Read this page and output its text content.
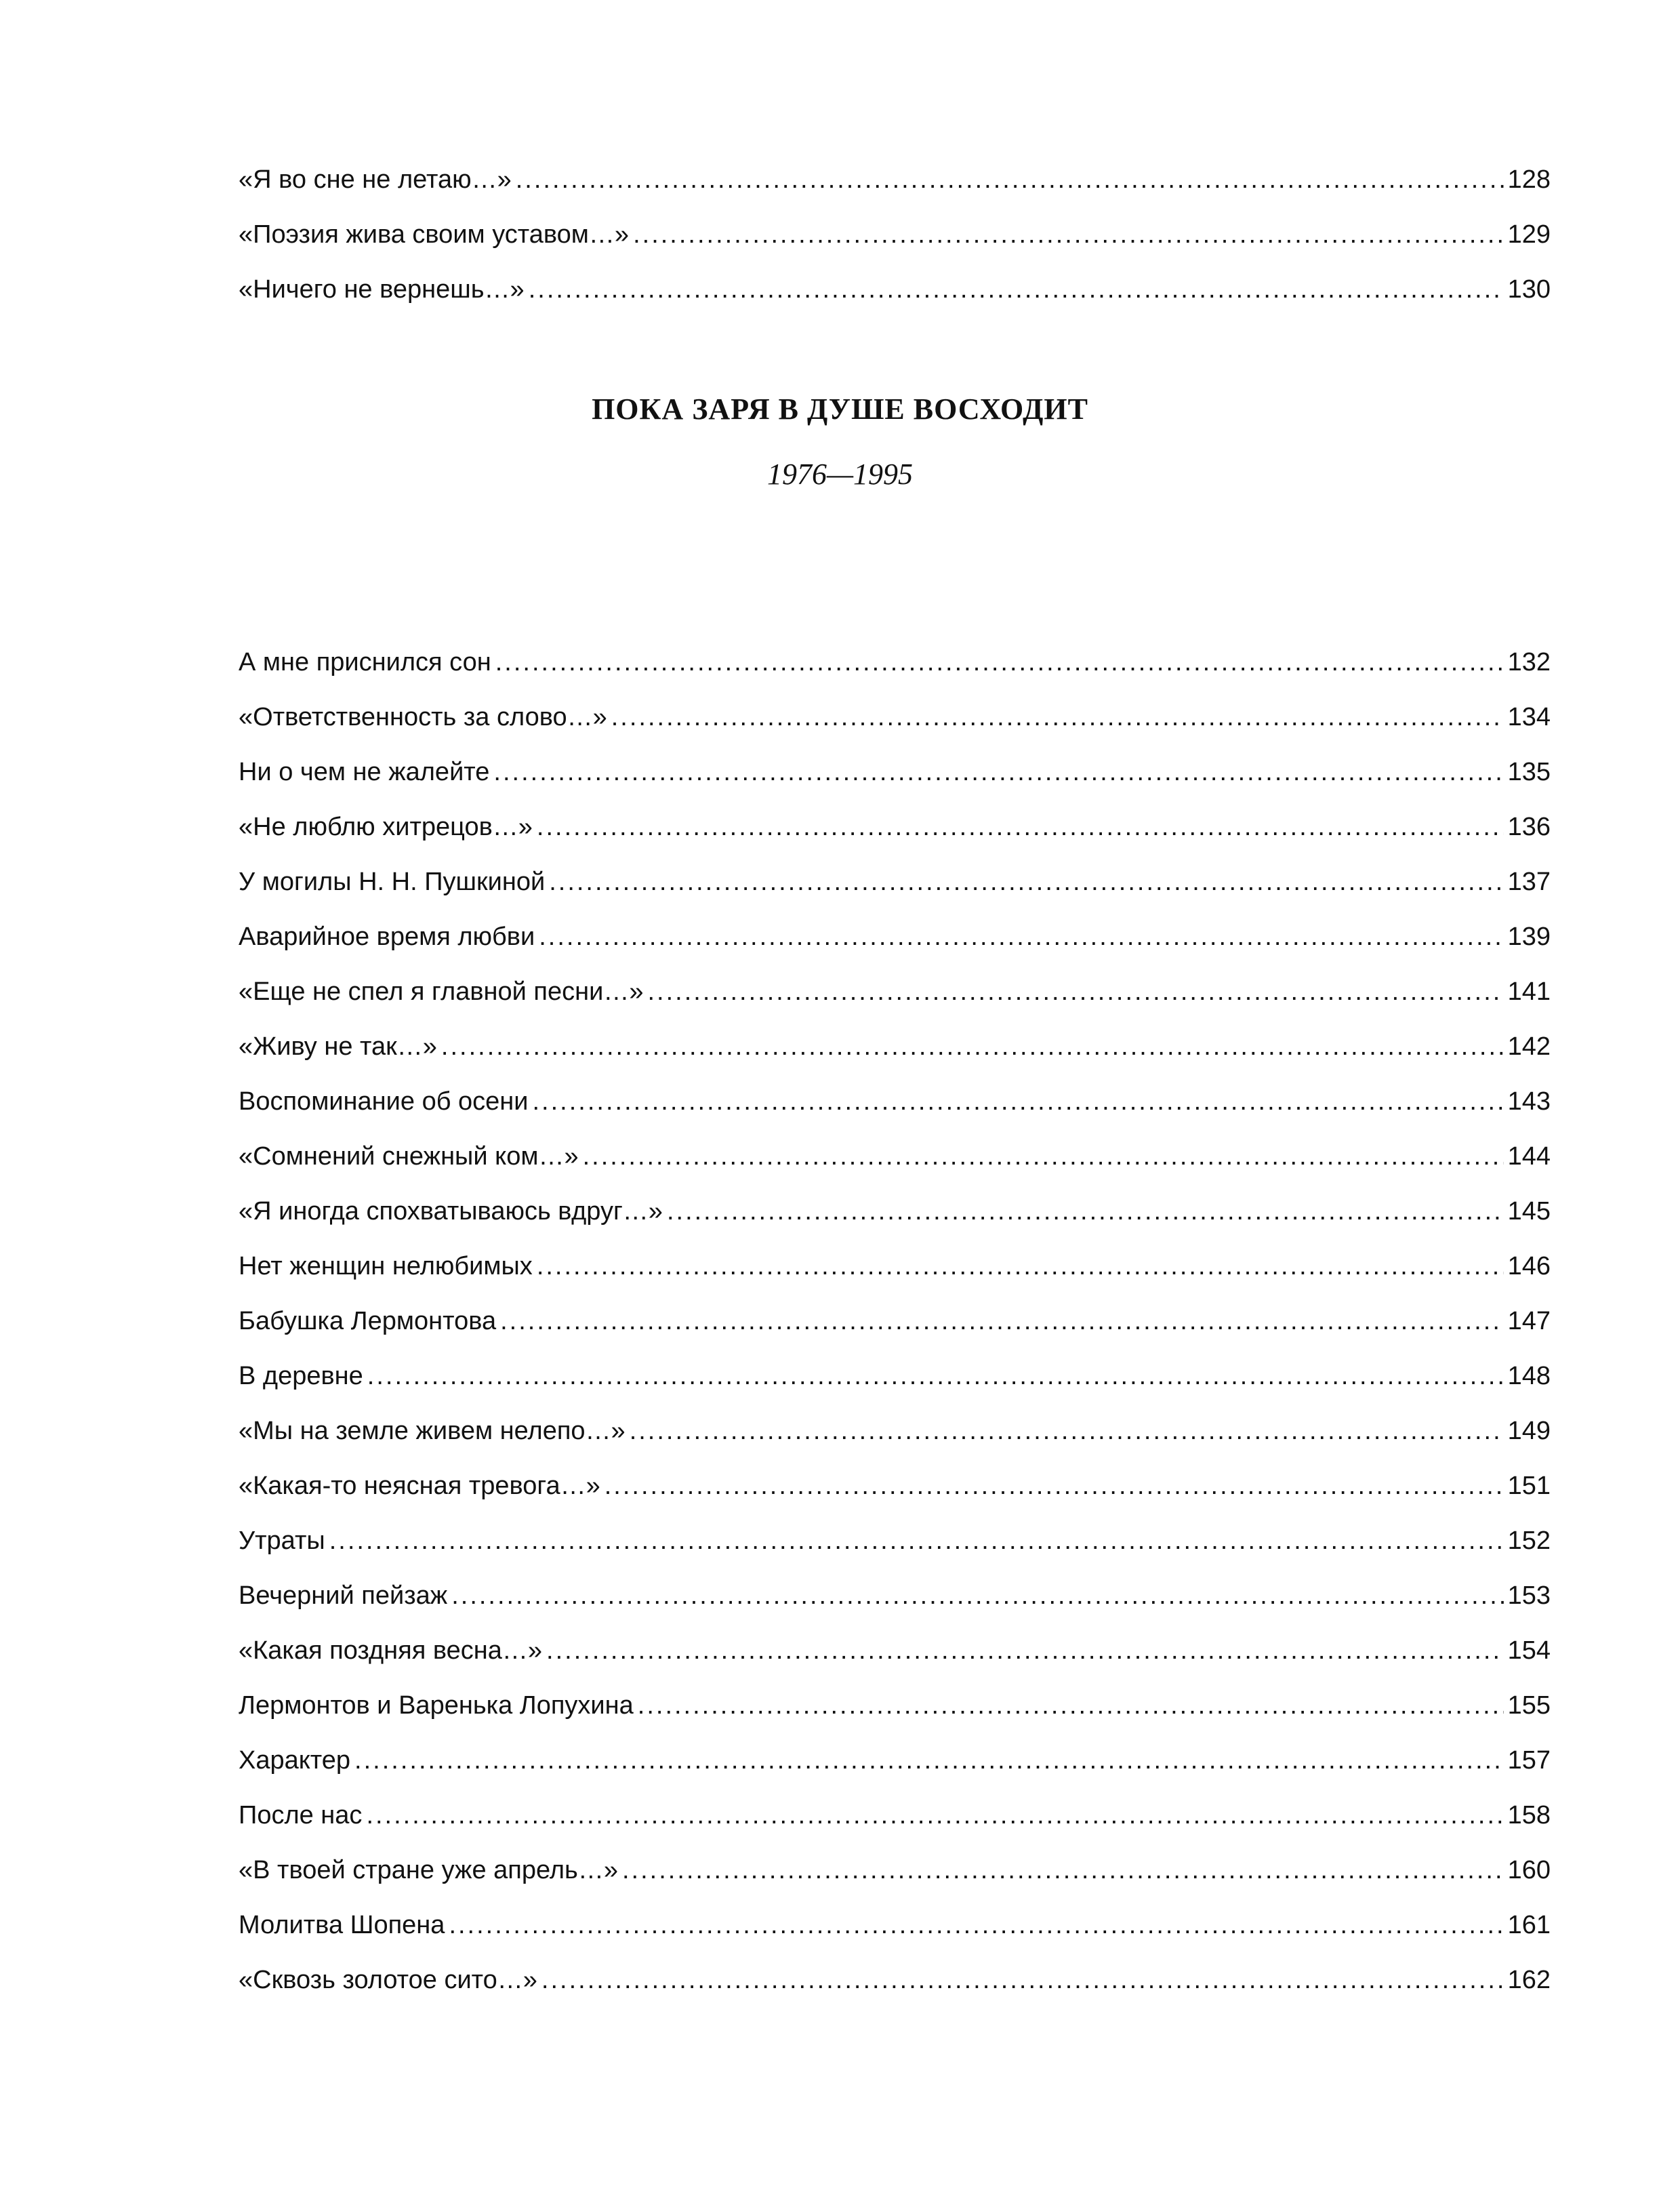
«Я во сне не летаю…» .....	128
«Поэзия жива своим уставом…» .....	129
«Ничего не вернешь…» .....	130
ПОКА ЗАРЯ В ДУШЕ ВОСХОДИТ
1976—1995
А мне приснился сон .....	132
«Ответственность за слово…» .....	134
Ни о чем не жалейте .....	135
«Не люблю хитрецов…» .....	136
У могилы Н. Н. Пушкиной .....	137
Аварийное время любви .....	139
«Еще не спел я главной песни…» .....	141
«Живу не так…» .....	142
Воспоминание об осени .....	143
«Сомнений снежный ком…» .....	144
«Я иногда спохватываюсь вдруг…» .....	145
Нет женщин нелюбимых .....	146
Бабушка Лермонтова .....	147
В деревне .....	148
«Мы на земле живем нелепо…» .....	149
«Какая-то неясная тревога…» .....	151
Утраты .....	152
Вечерний пейзаж .....	153
«Какая поздняя весна…» .....	154
Лермонтов и Варенька Лопухина .....	155
Характер .....	157
После нас .....	158
«В твоей стране уже апрель…» .....	160
Молитва Шопена .....	161
«Сквозь золотое сито…» .....	162
